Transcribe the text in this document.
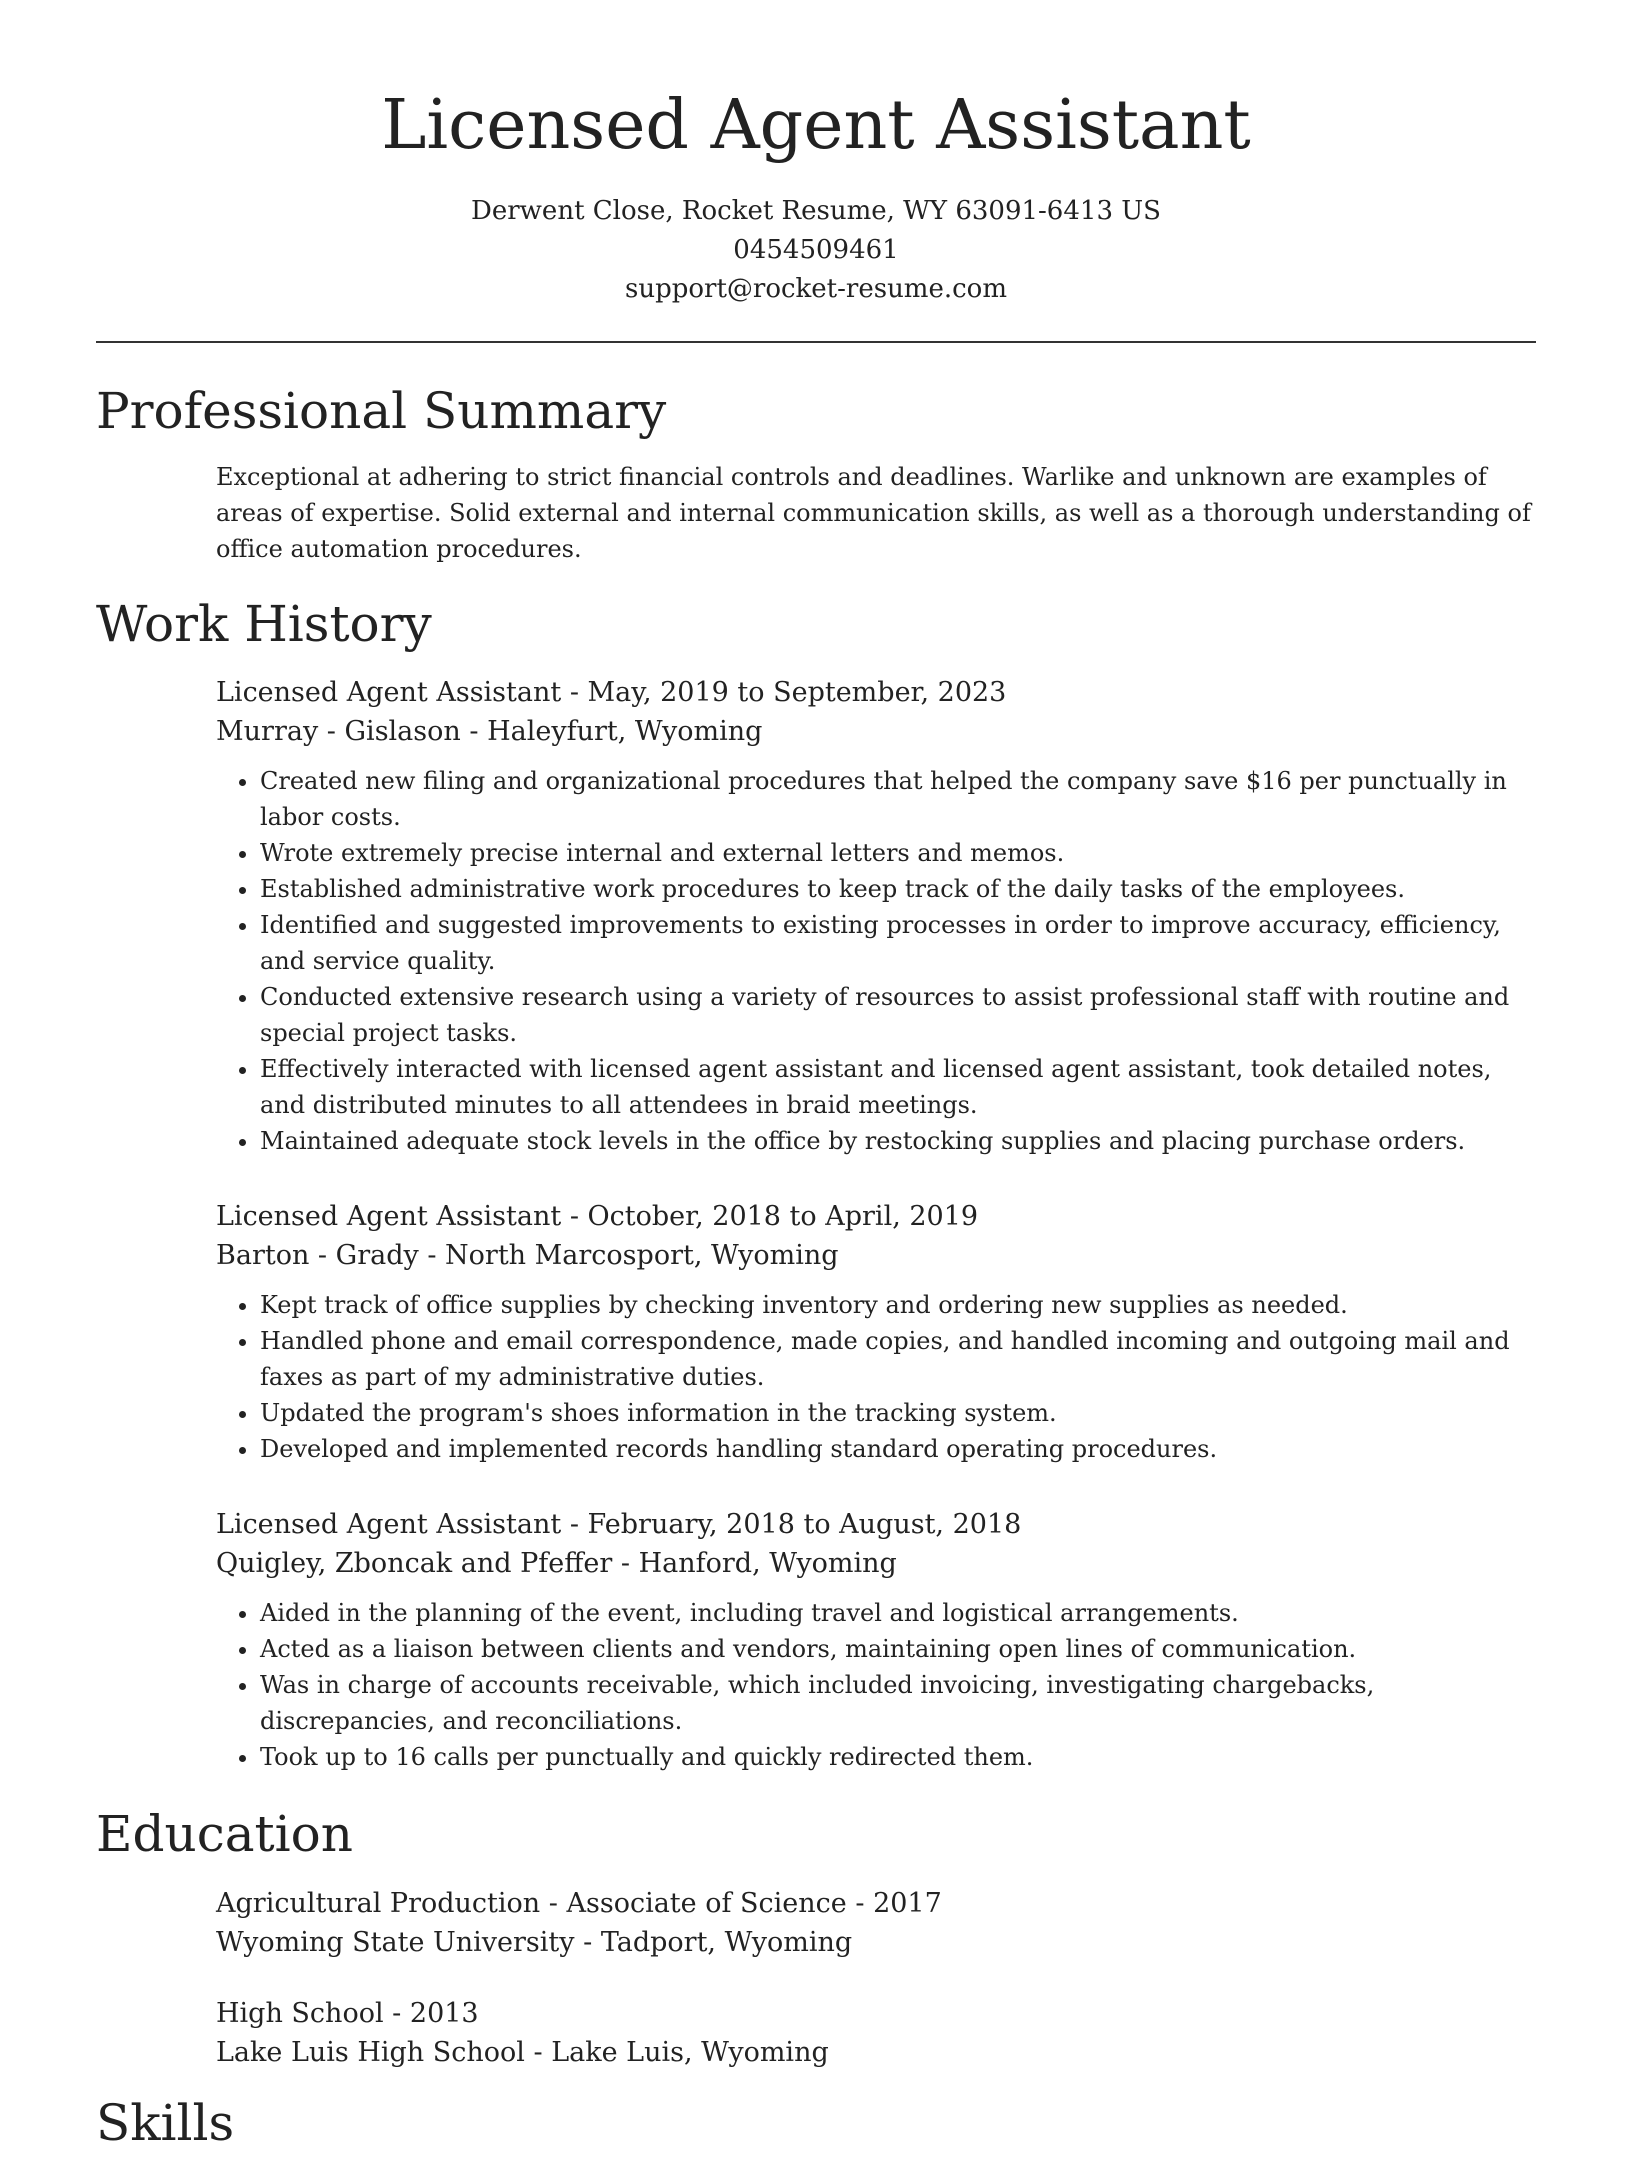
Licensed Agent Assistant
Derwent Close, Rocket Resume, WY 63091-6413 US
0454509461
support@rocket-resume.com
Professional Summary

Exceptional at adhering to strict financial controls and deadlines. Warlike and unknown are examples of areas of expertise. Solid external and internal communication skills, as well as a thorough understanding of office automation procedures.

Work History

Licensed Agent Assistant - May, 2019 to September, 2023

Murray - Gislason - Haleyfurt, Wyoming

• Created new filing and organizational procedures that helped the company save $16 per punctually in labor costs.
• Wrote extremely precise internal and external letters and memos.
• Established administrative work procedures to keep track of the daily tasks of the employees.
• Identified and suggested improvements to existing processes in order to improve accuracy, efficiency, and service quality.
• Conducted extensive research using a variety of resources to assist professional staff with routine and special project tasks.
• Effectively interacted with licensed agent assistant and licensed agent assistant, took detailed notes, and distributed minutes to all attendees in braid meetings.
• Maintained adequate stock levels in the office by restocking supplies and placing purchase orders.

Licensed Agent Assistant - October, 2018 to April, 2019

Barton - Grady - North Marcosport, Wyoming

• Kept track of office supplies by checking inventory and ordering new supplies as needed.
• Handled phone and email correspondence, made copies, and handled incoming and outgoing mail and faxes as part of my administrative duties.
• Updated the program's shoes information in the tracking system.
• Developed and implemented records handling standard operating procedures.

Licensed Agent Assistant - February, 2018 to August, 2018

Quigley, Zboncak and Pfeffer - Hanford, Wyoming

• Aided in the planning of the event, including travel and logistical arrangements.
• Acted as a liaison between clients and vendors, maintaining open lines of communication.
• Was in charge of accounts receivable, which included invoicing, investigating chargebacks, discrepancies, and reconciliations.
• Took up to 16 calls per punctually and quickly redirected them.
Education

Agricultural Production - Associate of Science - 2017

Wyoming State University - Tadport, Wyoming

High School - 2013

Lake Luis High School - Lake Luis, Wyoming

Skills
